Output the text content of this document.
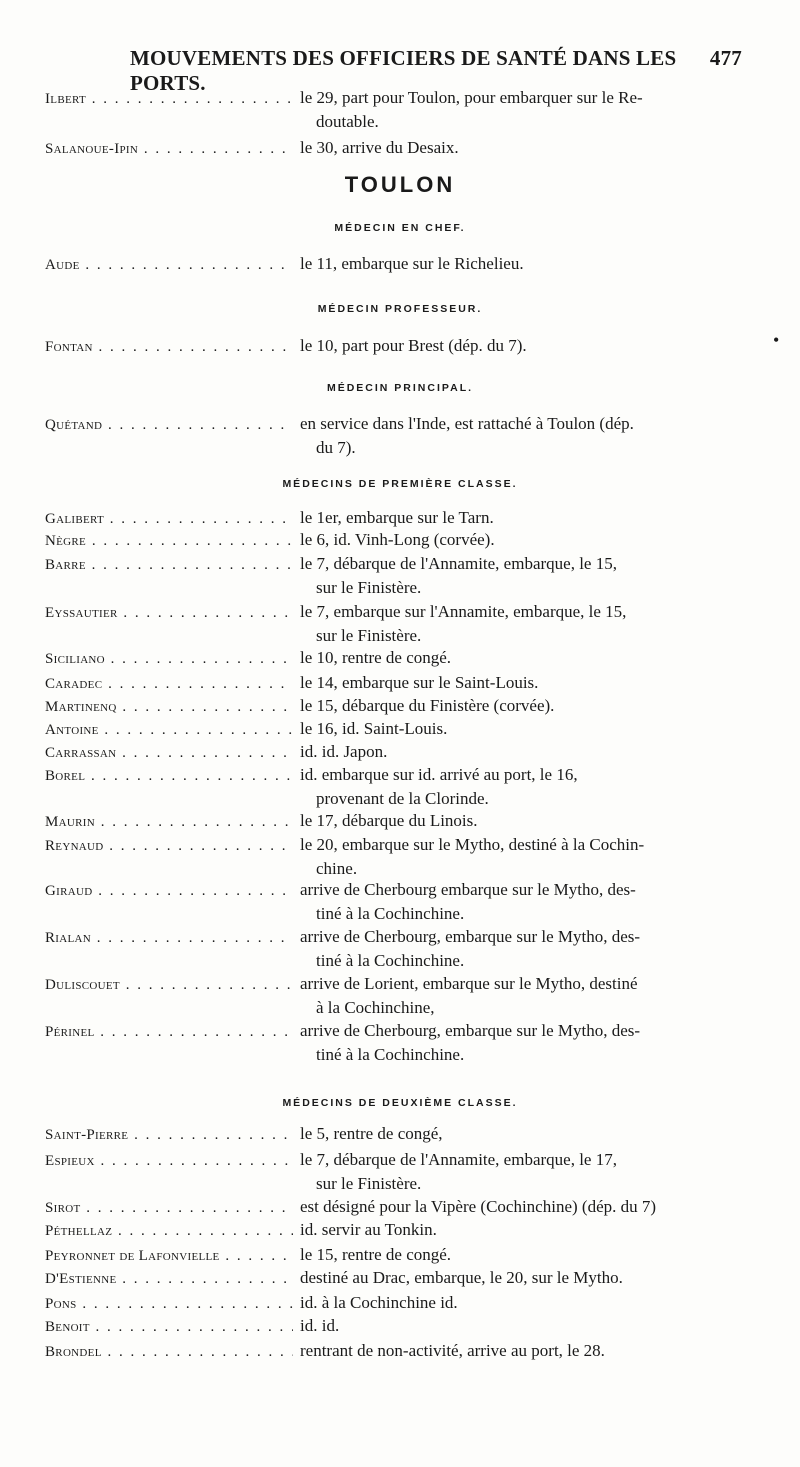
MOUVEMENTS DES OFFICIERS DE SANTÉ DANS LES PORTS.
477
Ilbert . . .	le 29, part pour Toulon, pour embarquer sur le Re-
doutable.
Salanoue-Ipin . . .	le 30, arrive du Desaix.
TOULON
MÉDECIN EN CHEF.
Aude . . .	le 11, embarque sur le Richelieu.
MÉDECIN PROFESSEUR.
Fontan . . .	le 10, part pour Brest (dép. du 7).	•
MÉDECIN PRINCIPAL.
Quétand . . .	en service dans l'Inde, est rattaché à Toulon (dép.
du 7).
MÉDECINS DE PREMIÈRE CLASSE.
Galibert . . .	le 1er, embarque sur le Tarn.
Nègre . . .	le 6, id. Vinh-Long (corvée).
Barre . . .	le 7, débarque de l'Annamite, embarque, le 15,
sur le Finistère.
Eyssautier . . .	le 7, embarque sur l'Annamite, embarque, le 15,
sur le Finistère.
Siciliano . . .	le 10, rentre de congé.
Caradec . . .	le 14, embarque sur le Saint-Louis.
Martinenq . . .	le 15, débarque du Finistère (corvée).
Antoine . . .	le 16, id. Saint-Louis.
Carrassan . . .	id. id. Japon.
Borel . . .	id. embarque sur id. arrivé au port, le 16,
provenant de la Clorinde.
Maurin . . .	le 17, débarque du Linois.
Reynaud . . .	le 20, embarque sur le Mytho, destiné à la Cochin-
chine.
Giraud . . .	arrive de Cherbourg embarque sur le Mytho, des-
tiné à la Cochinchine.
Rialan . . .	arrive de Cherbourg, embarque sur le Mytho, des-
tiné à la Cochinchine.
Duliscouet . . .	arrive de Lorient, embarque sur le Mytho, destiné
à la Cochinchine,
Périnel . . .	arrive de Cherbourg, embarque sur le Mytho, des-
tiné à la Cochinchine.
MÉDECINS DE DEUXIÈME CLASSE.
Saint-Pierre . . .	le 5, rentre de congé,
Espieux . . .	le 7, débarque de l'Annamite, embarque, le 17,
sur le Finistère.
Sirot . . .	est désigné pour la Vipère (Cochinchine) (dép. du 7)
Péthellaz . . .	id. servir au Tonkin.
Peyronnet de Lafonvielle . . .	le 15, rentre de congé.
D'Estienne . . .	destiné au Drac, embarque, le 20, sur le Mytho.
Pons . . .	id. à la Cochinchine id.
Benoit . . .	id. id.
Brondel . . .	rentrant de non-activité, arrive au port, le 28.
